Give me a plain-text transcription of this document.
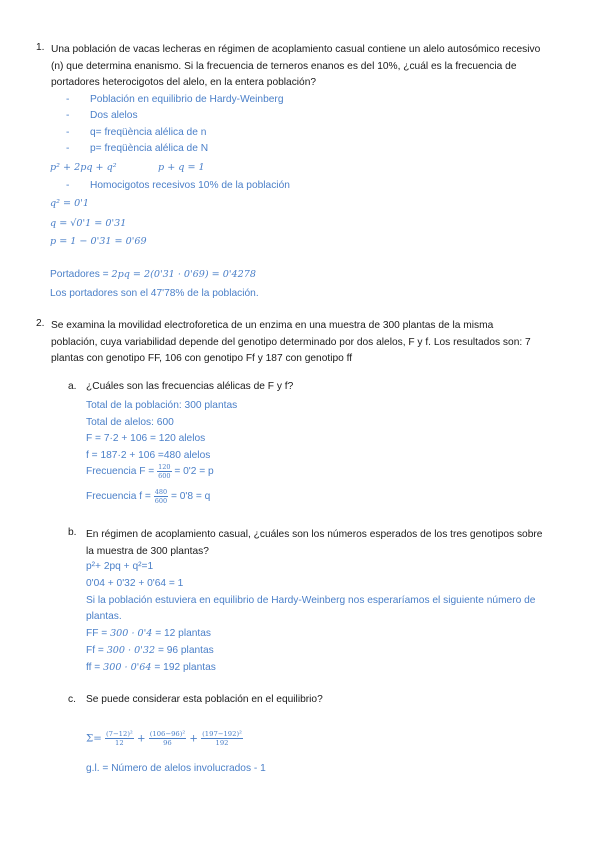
1. Una población de vacas lecheras en régimen de acoplamiento casual contiene un alelo autosómico recesivo
(n) que determina enanismo. Si la frecuencia de terneros enanos es del 10%, ¿cuál es la frecuencia de
portadores heterocigotos del alelo, en la entera población?
- Población en equilibrio de Hardy-Weinberg
- Dos alelos
- q= freqüència alélica de n
- p= freqüència alélica de N
p² + 2pq + q²	p + q = 1
- Homocigotos recesivos 10% de la población
q² = 0'1
q = √0'1 = 0'31
p = 1 − 0'31 = 0'69
Portadores = 2pq = 2(0'31 · 0'69) = 0'4278
Los portadores son el 47'78% de la población.
2. Se examina la movilidad electroforetica de un enzima en una muestra de 300 plantas de la misma
población, cuya variabilidad depende del genotipo determinado por dos alelos, F y f. Los resultados son: 7
plantas con genotipo FF, 106 con genotipo Ff y 187 con genotipo ff
a. ¿Cuáles son las frecuencias alélicas de F y f?
Total de la población: 300 plantas
Total de alelos: 600
F = 7·2 + 106 = 120 alelos
f = 187·2 + 106 =480 alelos
Frecuencia $F = \frac{120}{600} = 0'2 = p$
Frecuencia $f = \frac{480}{600} = 0'8 = q$
b. En régimen de acoplamiento casual, ¿cuáles son los números esperados de los tres genotipos sobre
la muestra de 300 plantas?
p²+ 2pq + q²=1
0'04 + 0'32 + 0'64 = 1
Si la población estuviera en equilibrio de Hardy-Weinberg nos esperaríamos el siguiente número de
plantas.
FF = 300 · 0'4 = 12 plantas
Ff = 300 · 0'32 = 96 plantas
ff = 300 · 0'64 = 192 plantas
c. Se puede considerar esta población en el equilibrio?
$\Sigma= \frac{\text{(7−12)²}}{12} + \frac{\text{(106−96)²}}{96} + \frac{\text{(197−192)²}}{192}$
g.l. = Número de alelos involucrados - 1
